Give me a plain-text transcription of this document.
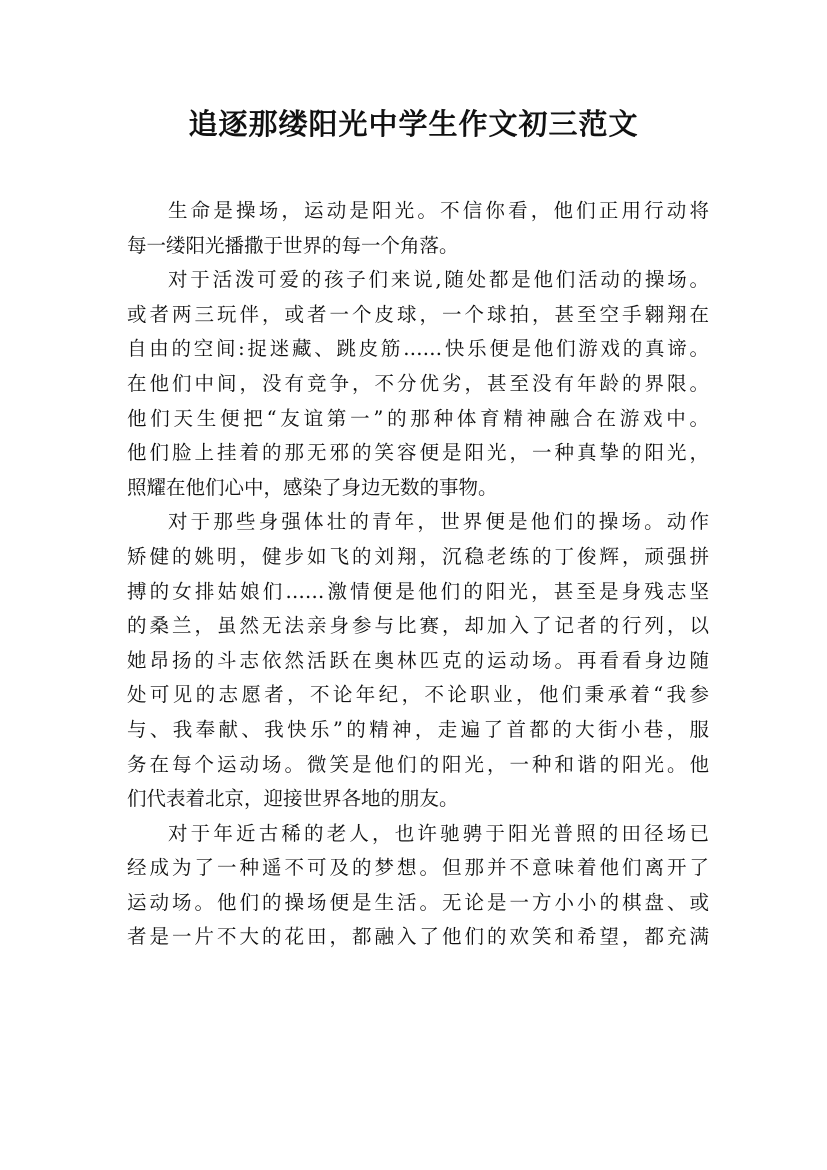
追逐那缕阳光中学生作文初三范文
生命是操场，运动是阳光。不信你看，他们正用行动将
每一缕阳光播撒于世界的每一个角落。
对于活泼可爱的孩子们来说,随处都是他们活动的操场。
或者两三玩伴，或者一个皮球，一个球拍，甚至空手翱翔在
自由的空间:捉迷藏、跳皮筋……快乐便是他们游戏的真谛。
在他们中间，没有竞争，不分优劣，甚至没有年龄的界限。
他们天生便把“友谊第一”的那种体育精神融合在游戏中。
他们脸上挂着的那无邪的笑容便是阳光，一种真挚的阳光，
照耀在他们心中，感染了身边无数的事物。
对于那些身强体壮的青年，世界便是他们的操场。动作
矫健的姚明，健步如飞的刘翔，沉稳老练的丁俊辉，顽强拼
搏的女排姑娘们……激情便是他们的阳光，甚至是身残志坚
的桑兰，虽然无法亲身参与比赛，却加入了记者的行列，以
她昂扬的斗志依然活跃在奥林匹克的运动场。再看看身边随
处可见的志愿者，不论年纪，不论职业，他们秉承着“我参
与、我奉献、我快乐”的精神，走遍了首都的大街小巷，服
务在每个运动场。微笑是他们的阳光，一种和谐的阳光。他
们代表着北京，迎接世界各地的朋友。
对于年近古稀的老人，也许驰骋于阳光普照的田径场已
经成为了一种遥不可及的梦想。但那并不意味着他们离开了
运动场。他们的操场便是生活。无论是一方小小的棋盘、或
者是一片不大的花田，都融入了他们的欢笑和希望，都充满
